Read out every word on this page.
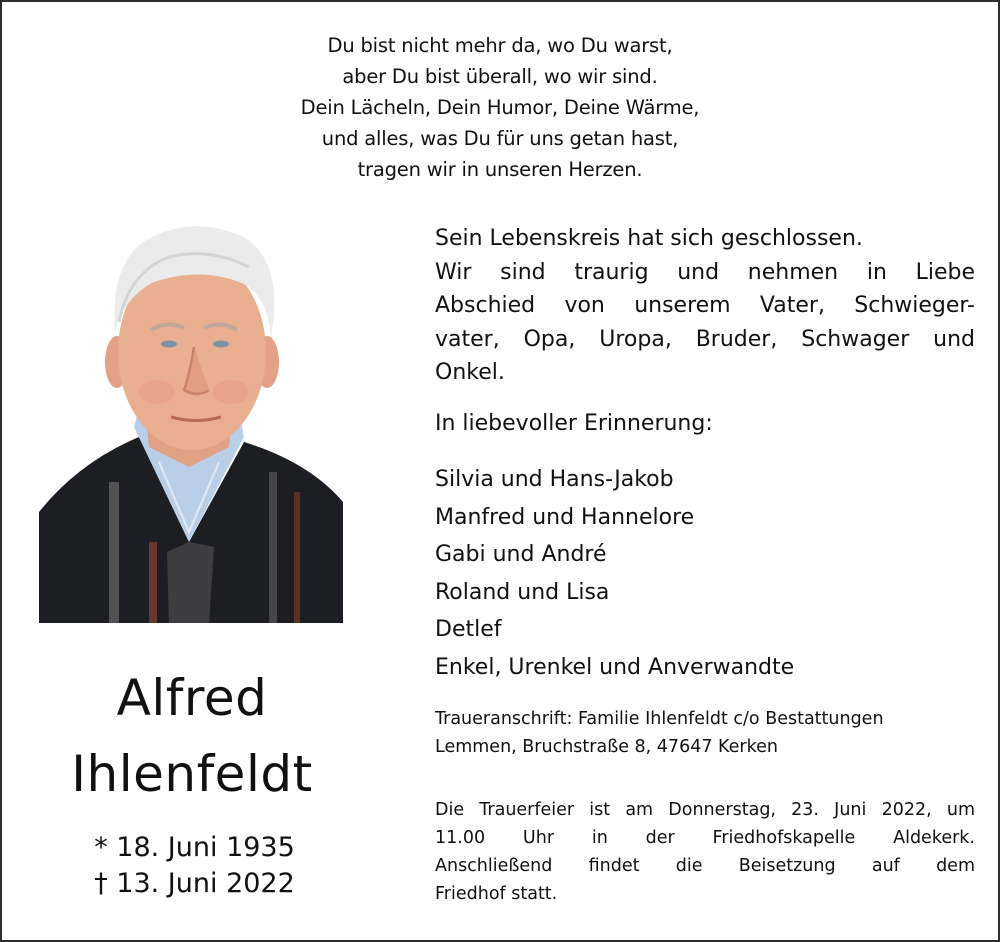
Du bist nicht mehr da, wo Du warst,
aber Du bist überall, wo wir sind.
Dein Lächeln, Dein Humor, Deine Wärme,
und alles, was Du für uns getan hast,
tragen wir in unseren Herzen.
Alfred
Ihlenfeldt
* 18. Juni 1935
† 13. Juni 2022
Sein Lebenskreis hat sich geschlossen.
Wir sind traurig und nehmen in Liebe
Abschied von unserem Vater, Schwieger-
vater, Opa, Uropa, Bruder, Schwager und
Onkel.
In liebevoller Erinnerung:
Silvia und Hans-Jakob
Manfred und Hannelore
Gabi und André
Roland und Lisa
Detlef
Enkel, Urenkel und Anverwandte
Traueranschrift: Familie Ihlenfeldt c/o Bestattungen
Lemmen, Bruchstraße 8, 47647 Kerken
Die Trauerfeier ist am Donnerstag, 23. Juni 2022, um
11.00 Uhr in der Friedhofskapelle Aldekerk.
Anschließend findet die Beisetzung auf dem
Friedhof statt.
